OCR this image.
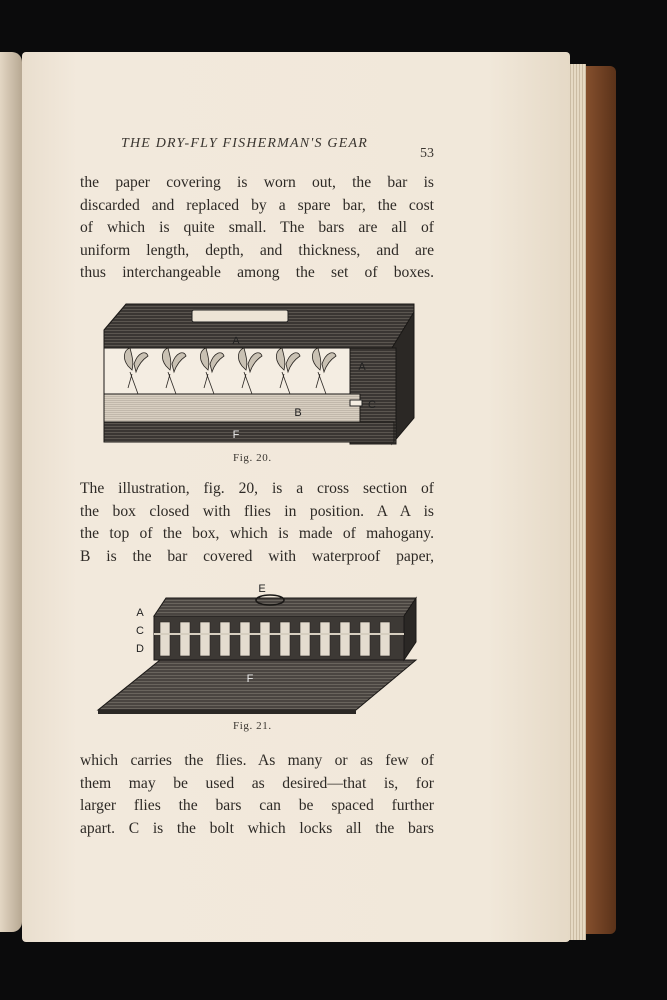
THE DRY-FLY FISHERMAN'S GEAR
53

the paper covering is worn out, the bar is
discarded and replaced by a spare bar, the cost
of which is quite small. The bars are all of
uniform length, depth, and thickness, and are
thus interchangeable among the set of boxes.

A
A
B
C
F
Fig. 20.

The illustration, fig. 20, is a cross section of
the box closed with flies in position. A A is
the top of the box, which is made of mahogany.
B is the bar covered with waterproof paper,

E
A
C
D
F
Fig. 21.

which carries the flies. As many or as few of
them may be used as desired—that is, for
larger flies the bars can be spaced further
apart. C is the bolt which locks all the bars
